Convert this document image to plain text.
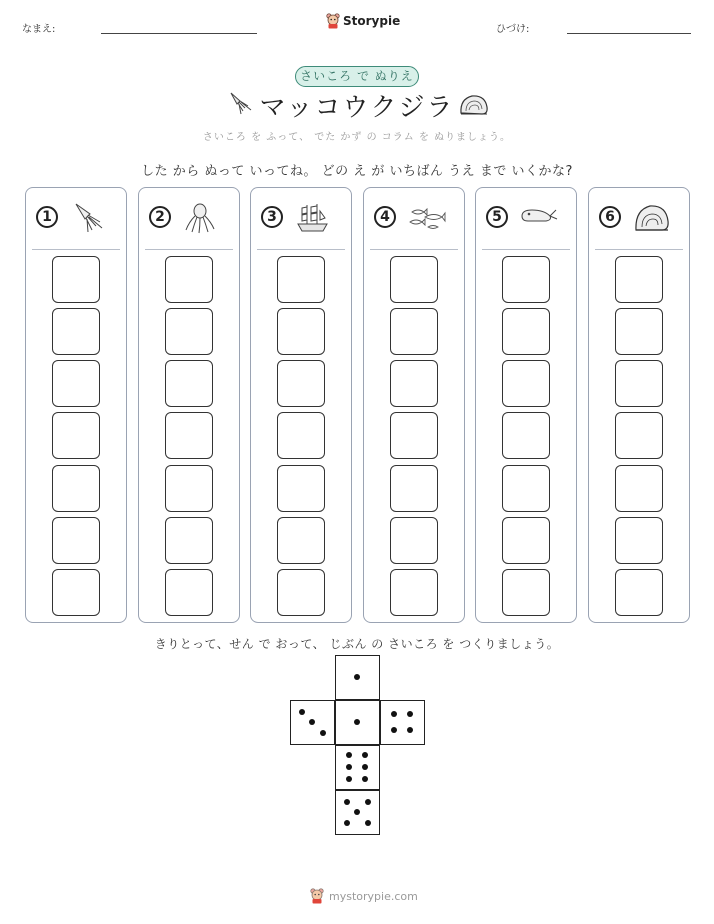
なまえ:
Storypie
ひづけ:
さいころ で ぬりえ
マッコウクジラ
さいころ を ふって、 でた かず の コラム を ぬりましょう。
した から ぬって いってね。 どの え が いちばん うえ まで いくかな?
1	2	3	4	5	6
きりとって、せん で おって、 じぶん の さいころ を つくりましょう。
mystorypie.com
